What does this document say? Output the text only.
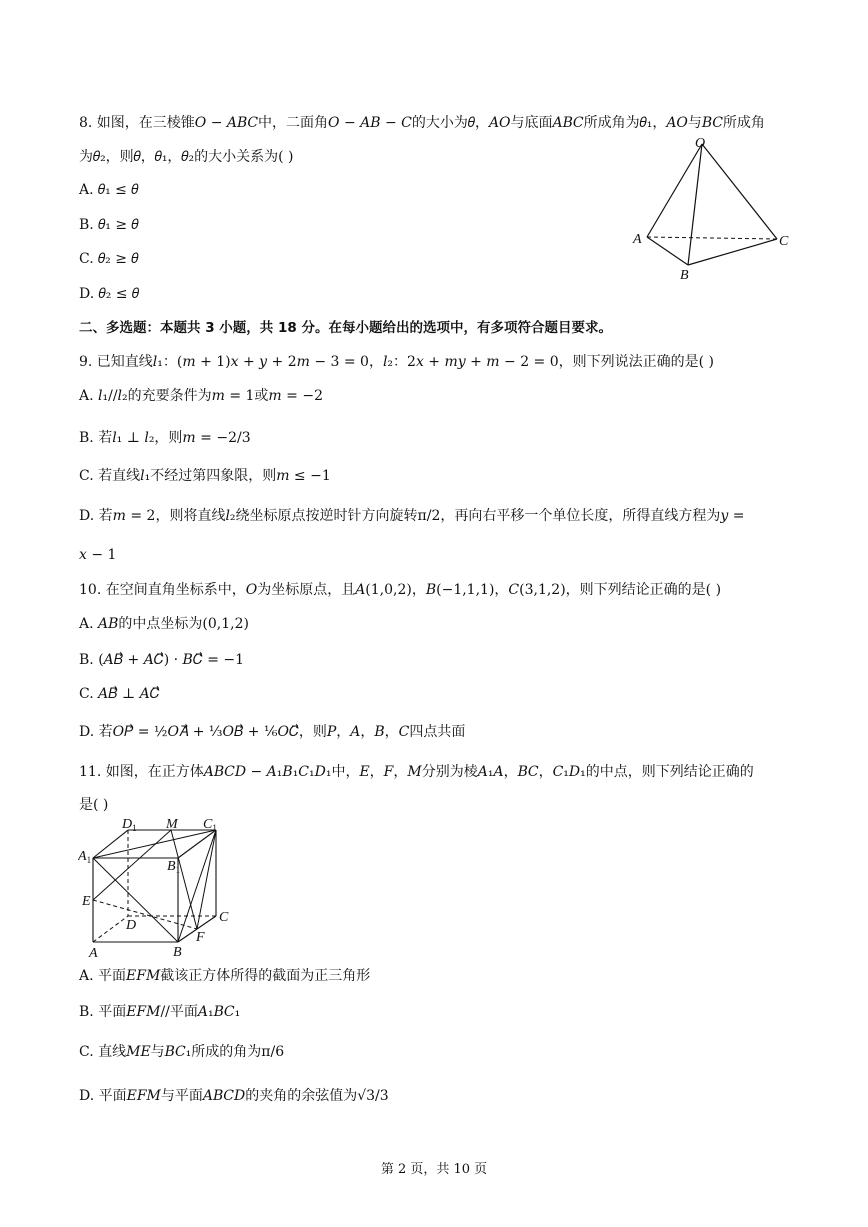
8. 如图，在三棱锥𝑂 − 𝐴𝐵𝐶中，二面角𝑂 − 𝐴𝐵 − 𝐶的大小为𝜃，𝐴𝑂与底面𝐴𝐵𝐶所成角为𝜃₁，𝐴𝑂与𝐵𝐶所成角
为𝜃₂，则𝜃，𝜃₁，𝜃₂的大小关系为( )
A. 𝜃₁ ≤ 𝜃
B. 𝜃₁ ≥ 𝜃
C. 𝜃₂ ≥ 𝜃
D. 𝜃₂ ≤ 𝜃
O
A
B
C
二、多选题：本题共 3 小题，共 18 分。在每小题给出的选项中，有多项符合题目要求。
9. 已知直线𝑙₁：(𝑚 + 1)𝑥 + 𝑦 + 2𝑚 − 3 = 0，𝑙₂：2𝑥 + 𝑚𝑦 + 𝑚 − 2 = 0，则下列说法正确的是( )
A. 𝑙₁//𝑙₂的充要条件为𝑚 = 1或𝑚 = −2
B. 若𝑙₁ ⊥ 𝑙₂，则𝑚 = −2/3
C. 若直线𝑙₁不经过第四象限，则𝑚 ≤ −1
D. 若𝑚 = 2，则将直线𝑙₂绕坐标原点按逆时针方向旋转π/2，再向右平移一个单位长度，所得直线方程为𝑦 =
𝑥 − 1
10. 在空间直角坐标系中，𝑂为坐标原点，且𝐴(1,0,2)，𝐵(−1,1,1)，𝐶(3,1,2)，则下列结论正确的是( )
A. 𝐴𝐵的中点坐标为(0,1,2)
B. (𝐴𝐵⃗ + 𝐴𝐶⃗) · 𝐵𝐶⃗ = −1
C. 𝐴𝐵⃗ ⊥ 𝐴𝐶⃗
D. 若𝑂𝑃⃗ = ½𝑂𝐴⃗ + ⅓𝑂𝐵⃗ + ⅙𝑂𝐶⃗，则𝑃，𝐴，𝐵，𝐶四点共面
11. 如图，在正方体𝐴𝐵𝐶𝐷 − 𝐴₁𝐵₁𝐶₁𝐷₁中，𝐸，𝐹，𝑀分别为棱𝐴₁𝐴，𝐵𝐶，𝐶₁𝐷₁的中点，则下列结论正确的
是( )
$D_1$ M $C_1$
$A_1$	$B_1$
E
D
C
F
A	B
A. 平面𝐸𝐹𝑀截该正方体所得的截面为正三角形
B. 平面𝐸𝐹𝑀//平面𝐴₁𝐵𝐶₁
C. 直线𝑀𝐸与𝐵𝐶₁所成的角为π/6
D. 平面𝐸𝐹𝑀与平面𝐴𝐵𝐶𝐷的夹角的余弦值为√3/3
第 2 页，共 10 页
